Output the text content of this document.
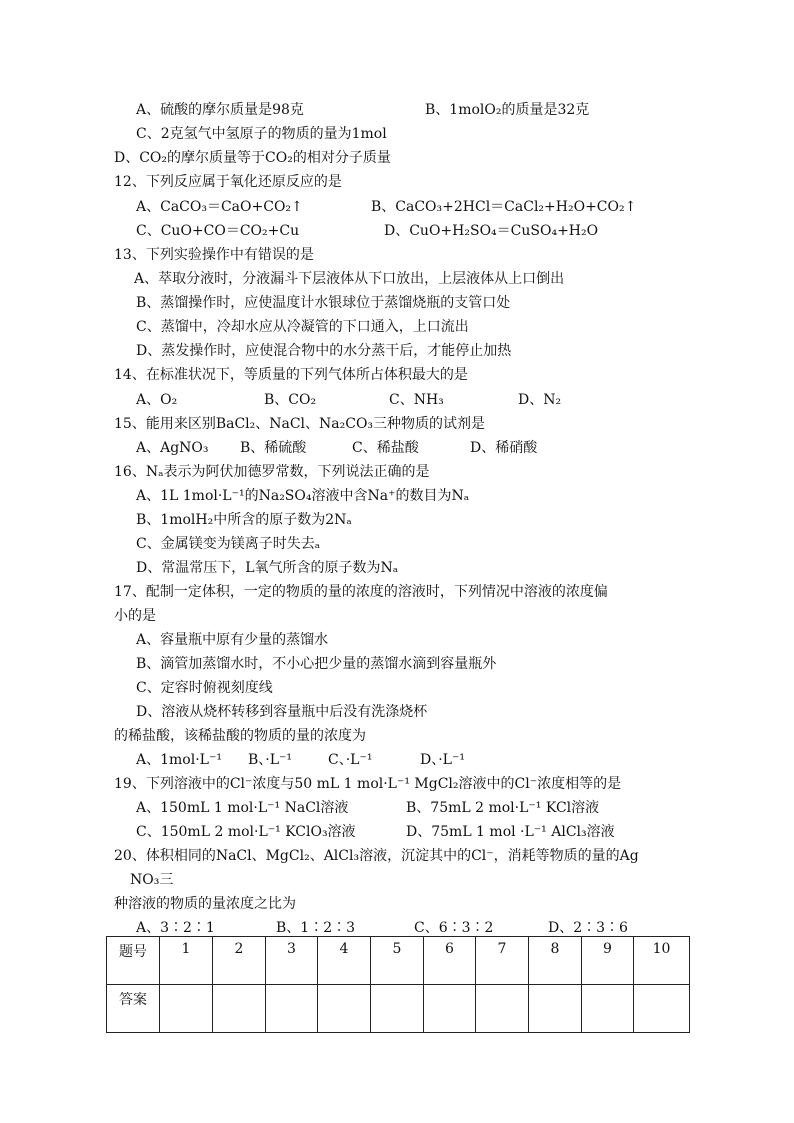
A、硫酸的摩尔质量是98克	B、1molO₂的质量是32克
C、2克氢气中氢原子的物质的量为1mol
D、CO₂的摩尔质量等于CO₂的相对分子质量
12、下列反应属于氧化还原反应的是
A、CaCO₃＝CaO+CO₂↑	B、CaCO₃+2HCl＝CaCl₂+H₂O+CO₂↑
C、CuO+CO＝CO₂+Cu	D、CuO+H₂SO₄＝CuSO₄+H₂O
13、下列实验操作中有错误的是
A、萃取分液时，分液漏斗下层液体从下口放出，上层液体从上口倒出
B、蒸馏操作时，应使温度计水银球位于蒸馏烧瓶的支管口处
C、蒸馏中，冷却水应从冷凝管的下口通入，上口流出
D、蒸发操作时，应使混合物中的水分蒸干后，才能停止加热
14、在标准状况下，等质量的下列气体所占体积最大的是
A、O₂	B、CO₂	C、NH₃	D、N₂
15、能用来区别BaCl₂、NaCl、Na₂CO₃三种物质的试剂是
A、AgNO₃ B、稀硫酸	C、稀盐酸	D、稀硝酸
16、Nₐ表示为阿伏加德罗常数，下列说法正确的是
A、1L 1mol·L⁻¹的Na₂SO₄溶液中含Na⁺的数目为Nₐ
B、1molH₂中所含的原子数为2Nₐ
C、金属镁变为镁离子时失去ₐ
D、常温常压下，L氧气所含的原子数为Nₐ
17、配制一定体积，一定的物质的量的浓度的溶液时，下列情况中溶液的浓度偏
小的是
A、容量瓶中原有少量的蒸馏水
B、滴管加蒸馏水时，不小心把少量的蒸馏水滴到容量瓶外
C、定容时俯视刻度线
D、溶液从烧杯转移到容量瓶中后没有洗涤烧杯
的稀盐酸，该稀盐酸的物质的量的浓度为
A、1mol·L⁻¹ B、·L⁻¹	C、·L⁻¹	D、·L⁻¹
19、下列溶液中的Cl⁻浓度与50 mL 1 mol·L⁻¹ MgCl₂溶液中的Cl⁻浓度相等的是
A、150mL 1 mol·L⁻¹ NaCl溶液	B、75mL 2 mol·L⁻¹ KCl溶液
C、150mL 2 mol·L⁻¹ KClO₃溶液	D、75mL 1 mol ·L⁻¹ AlCl₃溶液
20、体积相同的NaCl、MgCl₂、AlCl₃溶液，沉淀其中的Cl⁻，消耗等物质的量的Ag
NO₃三
种溶液的物质的量浓度之比为
A、3∶2∶1	B、1∶2∶3	C、6∶3∶2	D、2∶3∶6
题号	1	2	3	4	5	6	7	8	9	10
答案										
